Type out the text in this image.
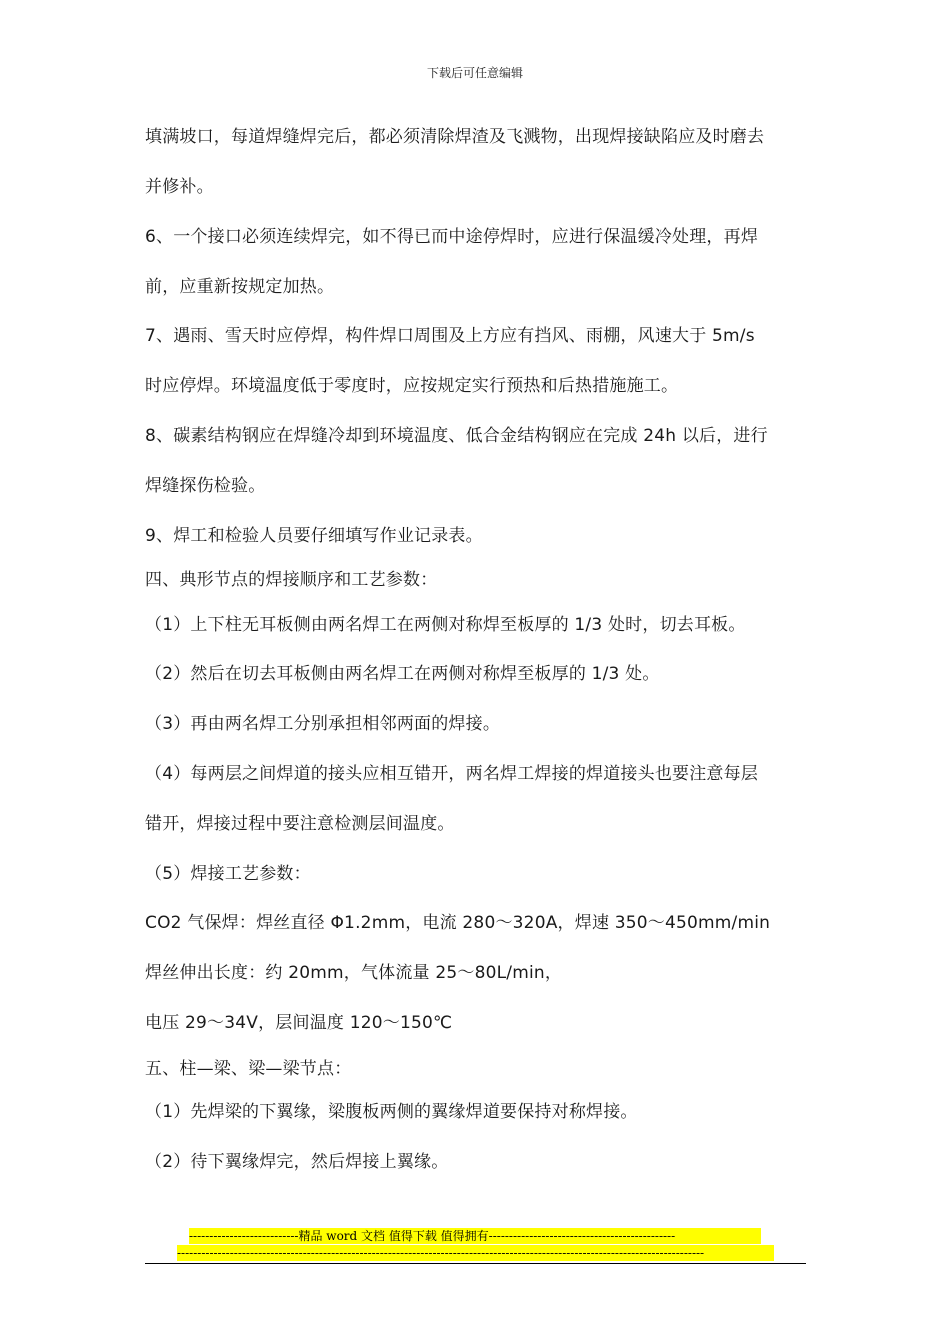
下载后可任意编辑
填满坡口，每道焊缝焊完后，都必须清除焊渣及飞溅物，出现焊接缺陷应及时磨去
并修补。
6、一个接口必须连续焊完，如不得已而中途停焊时，应进行保温缓冷处理，再焊
前，应重新按规定加热。
7、遇雨、雪天时应停焊，构件焊口周围及上方应有挡风、雨棚，风速大于 5m/s
时应停焊。环境温度低于零度时，应按规定实行预热和后热措施施工。
8、碳素结构钢应在焊缝冷却到环境温度、低合金结构钢应在完成 24h 以后，进行
焊缝探伤检验。
9、焊工和检验人员要仔细填写作业记录表。
四、典形节点的焊接顺序和工艺参数：
（1）上下柱无耳板侧由两名焊工在两侧对称焊至板厚的 1/3 处时，切去耳板。
（2）然后在切去耳板侧由两名焊工在两侧对称焊至板厚的 1/3 处。
（3）再由两名焊工分别承担相邻两面的焊接。
（4）每两层之间焊道的接头应相互错开，两名焊工焊接的焊道接头也要注意每层
错开，焊接过程中要注意检测层间温度。
（5）焊接工艺参数：
CO2 气保焊：焊丝直径 Φ1.2mm，电流 280～320A，焊速 350～450mm/min
焊丝伸出长度：约 20mm，气体流量 25～80L/min，
电压 29～34V，层间温度 120～150℃
五、柱—梁、梁—梁节点：
（1）先焊梁的下翼缘，梁腹板两侧的翼缘焊道要保持对称焊接。
（2）待下翼缘焊完，然后焊接上翼缘。
---------------------------精品 word 文档 值得下载 值得拥有----------------------------------------------
----------------------------------------------------------------------------------------------------------------------------------
